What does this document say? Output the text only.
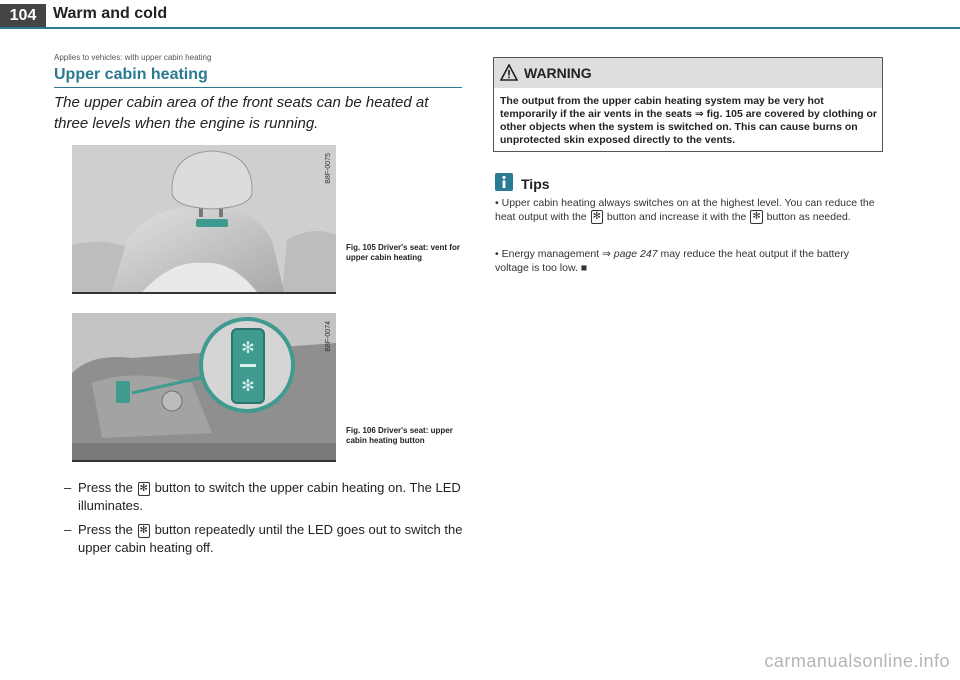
104	Warm and cold
Applies to vehicles: with upper cabin heating
Upper cabin heating
The upper cabin area of the front seats can be heated at three levels when the engine is running.
B8F-0075
Fig. 105 Driver's seat: vent for upper cabin heating
✻
✻
B8F-0074
Fig. 106 Driver's seat: upper cabin heating button
– Press the ✻ button to switch the upper cabin heating on. The LED illuminates.
– Press the ✻ button repeatedly until the LED goes out to switch the upper cabin heating off.
WARNING
The output from the upper cabin heating system may be very hot temporarily if the air vents in the seats ⇒ fig. 105 are covered by clothing or other objects when the system is switched on. This can cause burns on unprotected skin exposed directly to the vents.
Tips
• Upper cabin heating always switches on at the highest level. You can reduce the heat output with the ✻ button and increase it with the ✻ button as needed.
• Energy management ⇒ page 247 may reduce the heat output if the battery voltage is too low. ■
carmanualsonline.info
